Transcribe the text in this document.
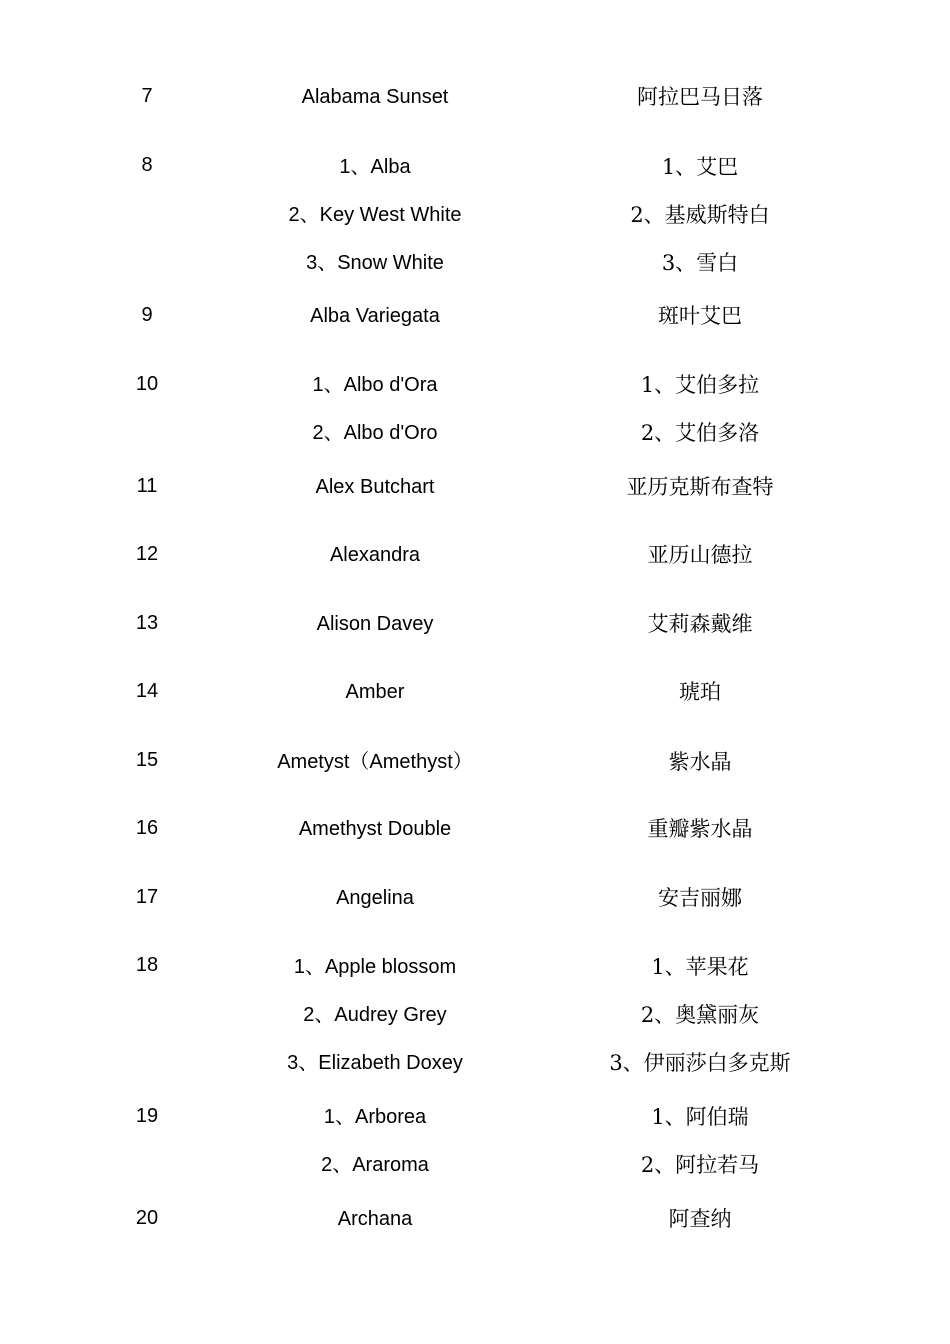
7	Alabama Sunset	阿拉巴马日落
8	1、Alba	1、艾巴
2、Key West White	2、基威斯特白
3、Snow White	3、雪白
9	Alba Variegata	斑叶艾巴
10	1、Albo d'Ora	1、艾伯多拉
2、Albo d'Oro	2、艾伯多洛
11	Alex Butchart	亚历克斯布查特
12	Alexandra	亚历山德拉
13	Alison Davey	艾莉森戴维
14	Amber	琥珀
15	Ametyst（Amethyst）	紫水晶
16	Amethyst Double	重瓣紫水晶
17	Angelina	安吉丽娜
18	1、Apple blossom	1、苹果花
2、Audrey Grey	2、奥黛丽灰
3、Elizabeth Doxey	3、伊丽莎白多克斯
19	1、Arborea	1、阿伯瑞
2、Araroma	2、阿拉若马
20	Archana	阿查纳
